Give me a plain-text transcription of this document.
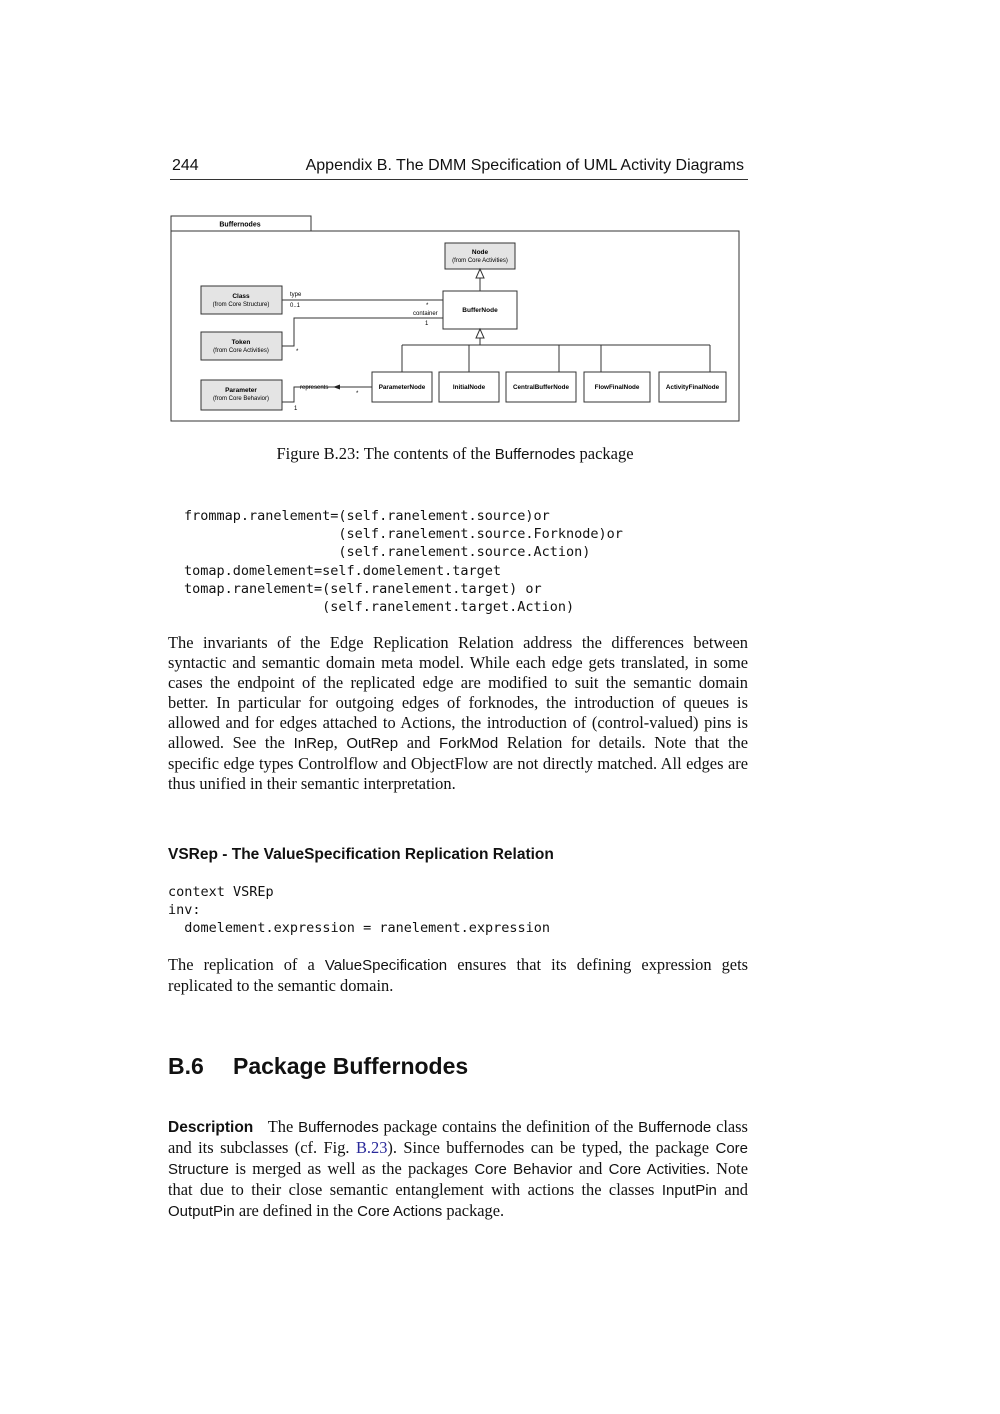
244	Appendix B. The DMM Specification of UML Activity Diagrams
Buffernodes
Node
(from Core Activities)
BufferNode
Class
(from Core Structure)
Token
(from Core Activities)
Parameter
(from Core Behavior)
type
0..1	*
*
container
1
represents
*
1
ParameterNode	InitialNode	CentralBufferNode	FlowFinalNode	ActivityFinalNode

Figure B.23: The contents of the Buffernodes package

frommap.ranelement=(self.ranelement.source)or
(self.ranelement.source.Forknode)or
(self.ranelement.source.Action)
tomap.domelement=self.domelement.target
tomap.ranelement=(self.ranelement.target) or
(self.ranelement.target.Action)

The invariants of the Edge Replication Relation address the differences between syntactic and semantic domain meta model. While each edge gets translated, in some cases the endpoint of the replicated edge are modified to suit the semantic domain better. In particular for outgoing edges of forknodes, the introduction of queues is allowed and for edges attached to Actions, the introduction of (control-valued) pins is allowed. See the InRep, OutRep and ForkMod Relation for details. Note that the specific edge types Controlflow and ObjectFlow are not directly matched. All edges are thus unified in their semantic interpretation.

VSRep - The ValueSpecification Replication Relation
context VSREp
inv:
domelement.expression = ranelement.expression

The replication of a ValueSpecification ensures that its defining expression gets replicated to the semantic domain.

B.6 Package Buffernodes

Description The Buffernodes package contains the definition of the Buffernode class and its subclasses (cf. Fig. B.23). Since buffernodes can be typed, the package Core Structure is merged as well as the packages Core Behavior and Core Activities. Note that due to their close semantic entanglement with actions the classes InputPin and OutputPin are defined in the Core Actions package.
